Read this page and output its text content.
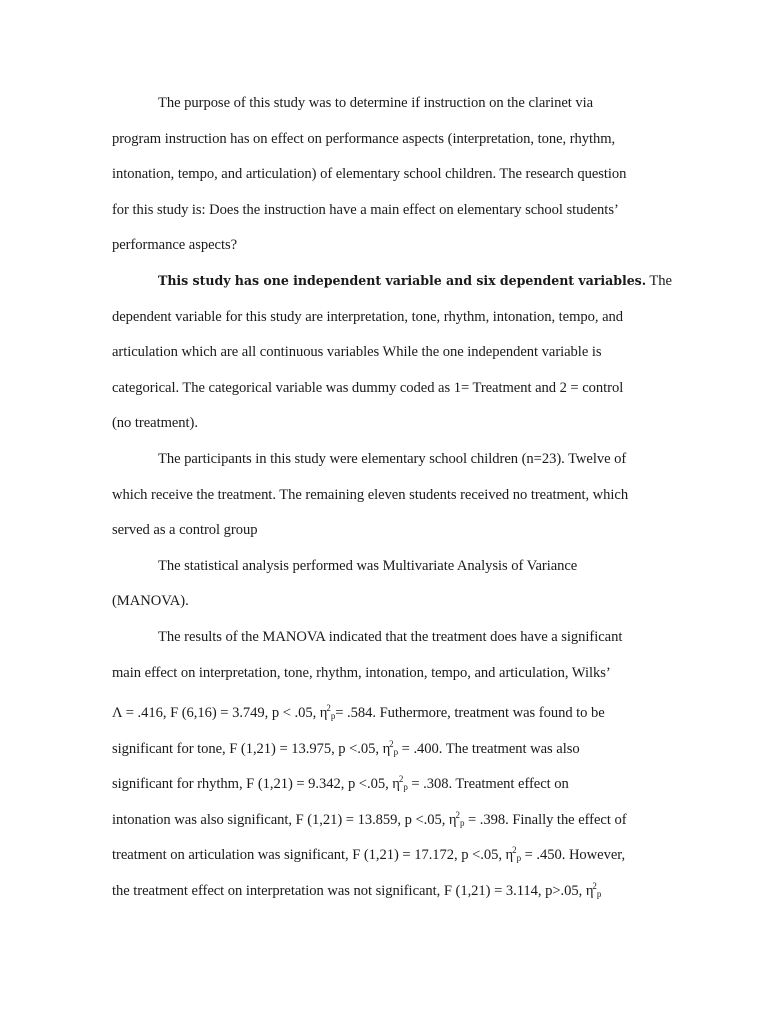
The purpose of this study was to determine if instruction on the clarinet via
program instruction has on effect on performance aspects (interpretation, tone, rhythm,
intonation, tempo, and articulation) of elementary school children. The research question
for this study is: Does the instruction have a main effect on elementary school students’
performance aspects?
This study has one independent variable and six dependent variables. The
dependent variable for this study are interpretation, tone, rhythm, intonation, tempo, and
articulation which are all continuous variables While the one independent variable is
categorical. The categorical variable was dummy coded as 1= Treatment and 2 = control
(no treatment).
The participants in this study were elementary school children (n=23). Twelve of
which receive the treatment. The remaining eleven students received no treatment, which
served as a control group
The statistical analysis performed was Multivariate Analysis of Variance
(MANOVA).
The results of the MANOVA indicated that the treatment does have a significant
main effect on interpretation, tone, rhythm, intonation, tempo, and articulation, Wilks’
Λ = .416, F (6,16) = 3.749, p < .05, $\eta^2_p= .584$. Futhermore, treatment was found to be
significant for tone, F (1,21) = 13.975, p <.05, $\eta^2_p = .400$. The treatment was also
significant for rhythm, F (1,21) = 9.342, p <.05, $\eta^2_p = .308$. Treatment effect on
intonation was also significant, F (1,21) = 13.859, p <.05, $\eta^2_p = .398$. Finally the effect of
treatment on articulation was significant, F (1,21) = 17.172, p <.05, $\eta^2_p = .450$. However,
the treatment effect on interpretation was not significant, F (1,21) = 3.114, p>.05, $\eta^2_p$
